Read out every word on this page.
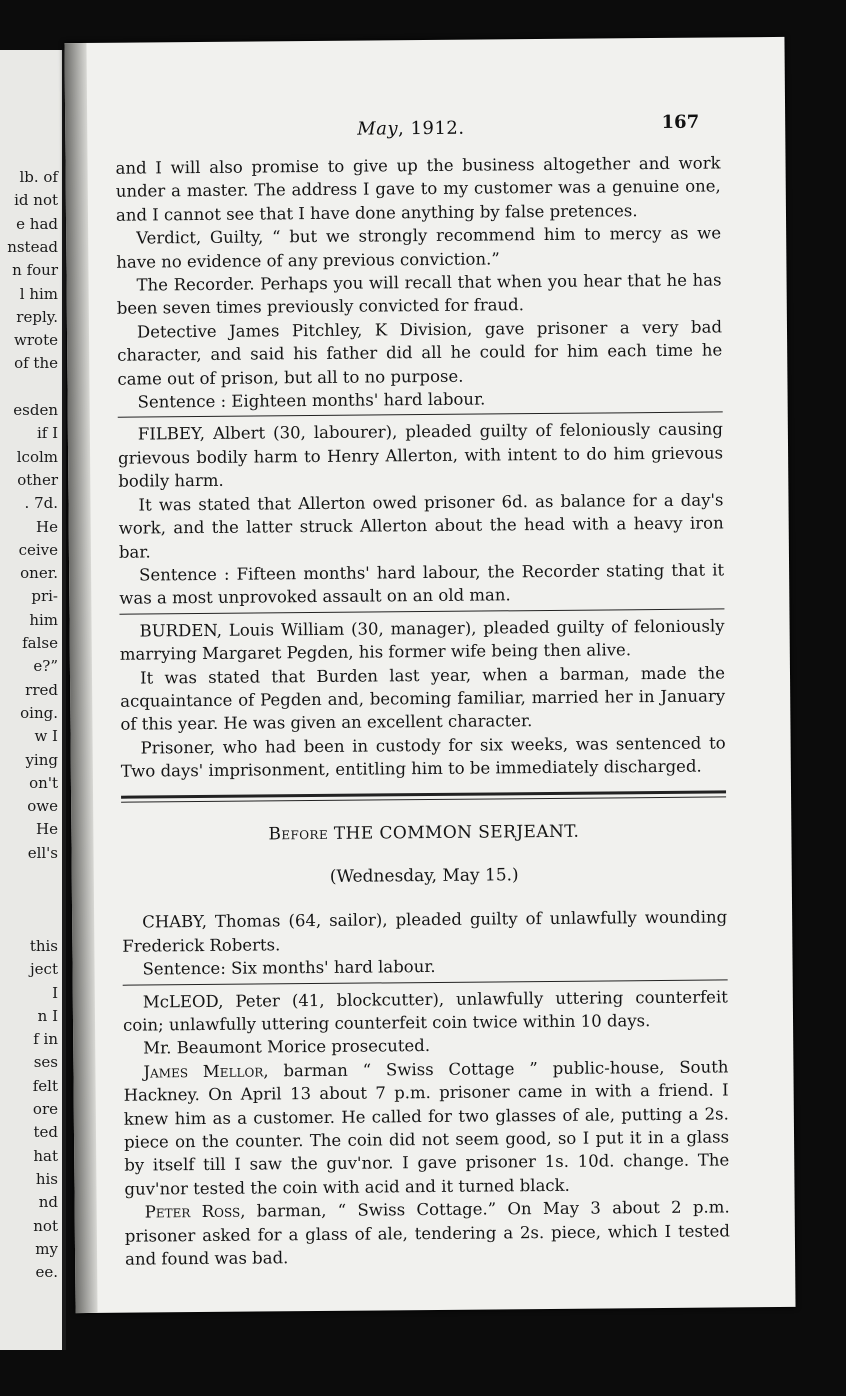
lb. of
id not
e had
nstead
n four
l him
reply.
wrote
of the
esden
if I
lcolm
other
. 7d.
He
ceive
oner.
pri-
him
false
e?”
rred
oing.
w I
ying
on't
owe
He
ell's
this
ject
I
n I
f in
ses
felt
ore
ted
hat
his
nd
not
my
ee.
May, 1912.	167

and I will also promise to give up the business altogether and work under a master. The address I gave to my customer was a genuine one, and I cannot see that I have done anything by false pretences.

Verdict, Guilty, “ but we strongly recommend him to mercy as we have no evidence of any previous conviction.”

The Recorder. Perhaps you will recall that when you hear that he has been seven times previously convicted for fraud.

Detective James Pitchley, K Division, gave prisoner a very bad character, and said his father did all he could for him each time he came out of prison, but all to no purpose.

Sentence : Eighteen months' hard labour.

FILBEY, Albert (30, labourer), pleaded guilty of feloniously causing grievous bodily harm to Henry Allerton, with intent to do him grievous bodily harm.

It was stated that Allerton owed prisoner 6d. as balance for a day's work, and the latter struck Allerton about the head with a heavy iron bar.

Sentence : Fifteen months' hard labour, the Recorder stating that it was a most unprovoked assault on an old man.

BURDEN, Louis William (30, manager), pleaded guilty of feloniously marrying Margaret Pegden, his former wife being then alive.

It was stated that Burden last year, when a barman, made the acquaintance of Pegden and, becoming familiar, married her in January of this year. He was given an excellent character.

Prisoner, who had been in custody for six weeks, was sentenced to Two days' imprisonment, entitling him to be immediately discharged.

Before THE COMMON SERJEANT.
(Wednesday, May 15.)

CHABY, Thomas (64, sailor), pleaded guilty of unlawfully wounding Frederick Roberts.

Sentence: Six months' hard labour.

McLEOD, Peter (41, blockcutter), unlawfully uttering counterfeit coin; unlawfully uttering counterfeit coin twice within 10 days.

Mr. Beaumont Morice prosecuted.

James Mellor, barman “ Swiss Cottage ” public-house, South Hackney. On April 13 about 7 p.m. prisoner came in with a friend. I knew him as a customer. He called for two glasses of ale, putting a 2s. piece on the counter. The coin did not seem good, so I put it in a glass by itself till I saw the guv'nor. I gave prisoner 1s. 10d. change. The guv'nor tested the coin with acid and it turned black.

Peter Ross, barman, “ Swiss Cottage.” On May 3 about 2 p.m. prisoner asked for a glass of ale, tendering a 2s. piece, which I tested and found was bad.
